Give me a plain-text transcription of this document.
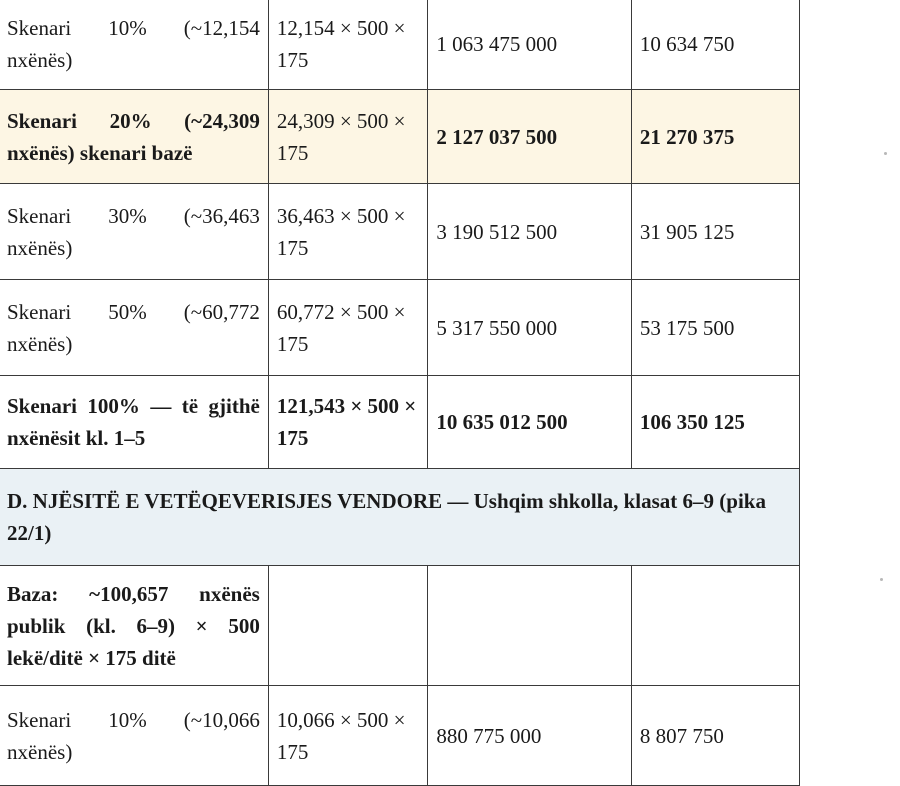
Skenari 10% (~12,154 nxënës)	12,154 × 500 × 175	1 063 475 000	10 634 750
Skenari 20% (~24,309 nxënës) skenari bazë	24,309 × 500 × 175	2 127 037 500	21 270 375
Skenari 30% (~36,463 nxënës)	36,463 × 500 × 175	3 190 512 500	31 905 125
Skenari 50% (~60,772 nxënës)	60,772 × 500 × 175	5 317 550 000	53 175 500
Skenari 100% — të gjithë nxënësit kl. 1–5	121,543 × 500 × 175	10 635 012 500	106 350 125
D. NJËSITË E VETËQEVERISJES VENDORE — Ushqim shkolla, klasat 6–9 (pika 22/1)			
Baza: ~100,657 nxënës publik (kl. 6–9) × 500 lekë/ditë × 175 ditë			
Skenari 10% (~10,066 nxënës)	10,066 × 500 × 175	880 775 000	8 807 750
